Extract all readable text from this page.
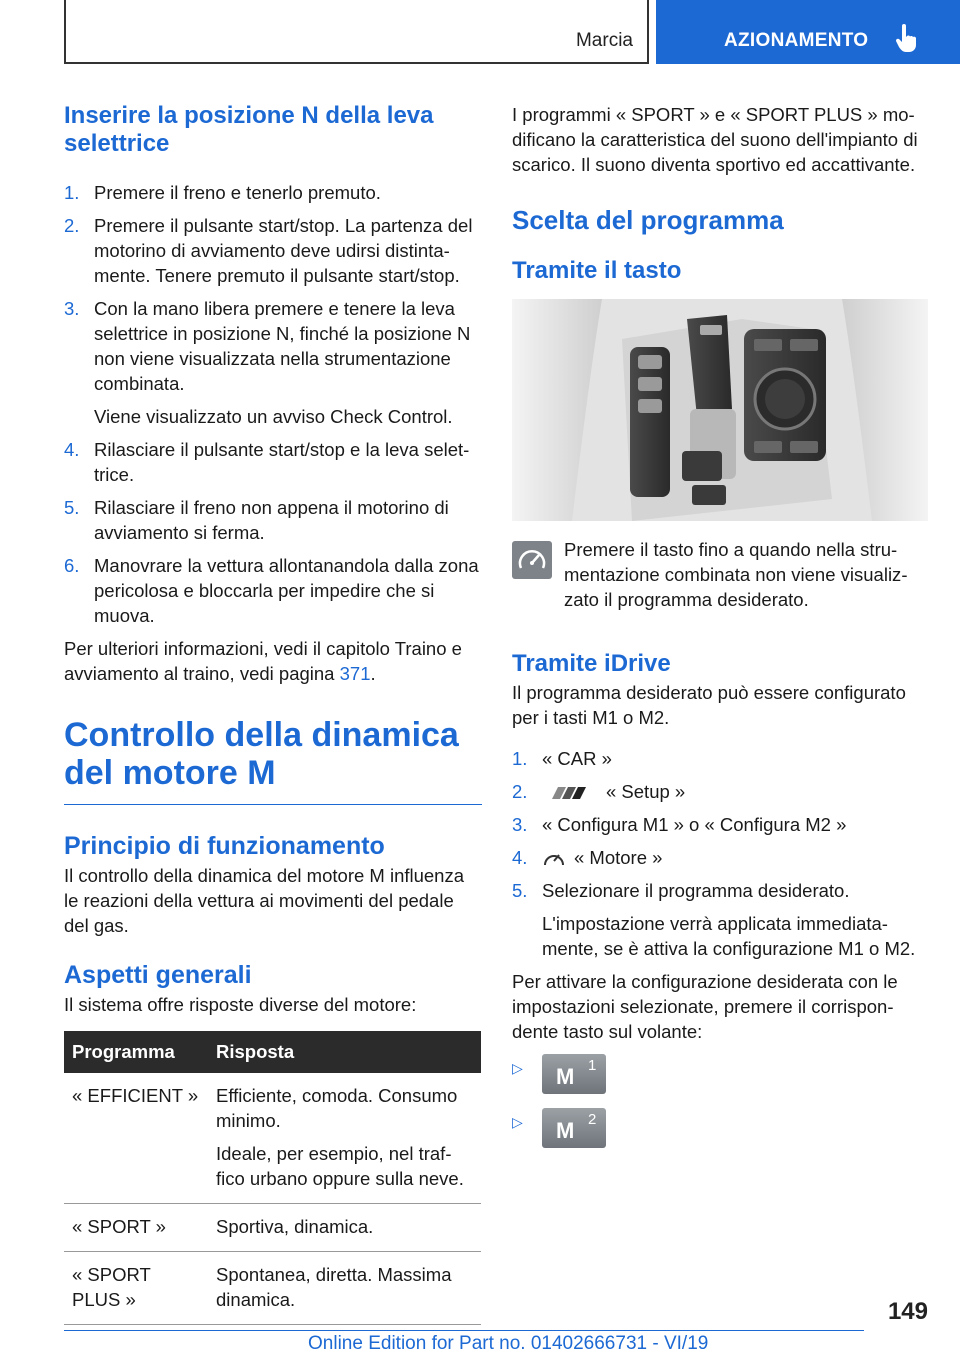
Marcia	AZIONAMENTO
Inserire la posizione N della leva selettrice
1. Premere il freno e tenerlo premuto.
2. Premere il pulsante start/stop. La partenza del motorino di avviamento deve udirsi distintamente. Tenere premuto il pulsante start/stop.
3. Con la mano libera premere e tenere la leva selettrice in posizione N, finché la posizione N non viene visualizzata nella strumentazione combinata.
Viene visualizzato un avviso Check Control.
4. Rilasciare il pulsante start/stop e la leva selettrice.
5. Rilasciare il freno non appena il motorino di avviamento si ferma.
6. Manovrare la vettura allontanandola dalla zona pericolosa e bloccarla per impedire che si muova.

Per ulteriori informazioni, vedi il capitolo Traino e avviamento al traino, vedi pagina 371.

Controllo della dinamica del motore M
Principio di funzionamento

Il controllo della dinamica del motore M influenza le reazioni della vettura ai movimenti del pedale del gas.

Aspetti generali

Il sistema offre risposte diverse del motore:

Programma	Risposta
« EFFICIENT »	Efficiente, comoda. Consumo minimo.
Ideale, per esempio, nel traffico urbano oppure sulla neve.

« SPORT »	Sportiva, dinamica.
« SPORT PLUS »	Spontanea, diretta. Massima dinamica.

I programmi « SPORT » e « SPORT PLUS » modificano la caratteristica del suono dell'impianto di scarico. Il suono diventa sportivo ed accattivante.

Scelta del programma
Tramite il tasto

Premere il tasto fino a quando nella strumentazione combinata non viene visualizzato il programma desiderato.

Tramite iDrive

Il programma desiderato può essere configurato per i tasti M1 o M2.

1. « CAR »
2.	« Setup »
3. « Configura M1 » o « Configura M2 »
4.	« Motore »
5. Selezionare il programma desiderato.
L'impostazione verrà applicata immediatamente, se è attiva la configurazione M1 o M2.

Per attivare la configurazione desiderata con le impostazioni selezionate, premere il corrispondente tasto sul volante:

▷	M 1
▷	M 2
149
Online Edition for Part no. 01402666731 - VI/19
